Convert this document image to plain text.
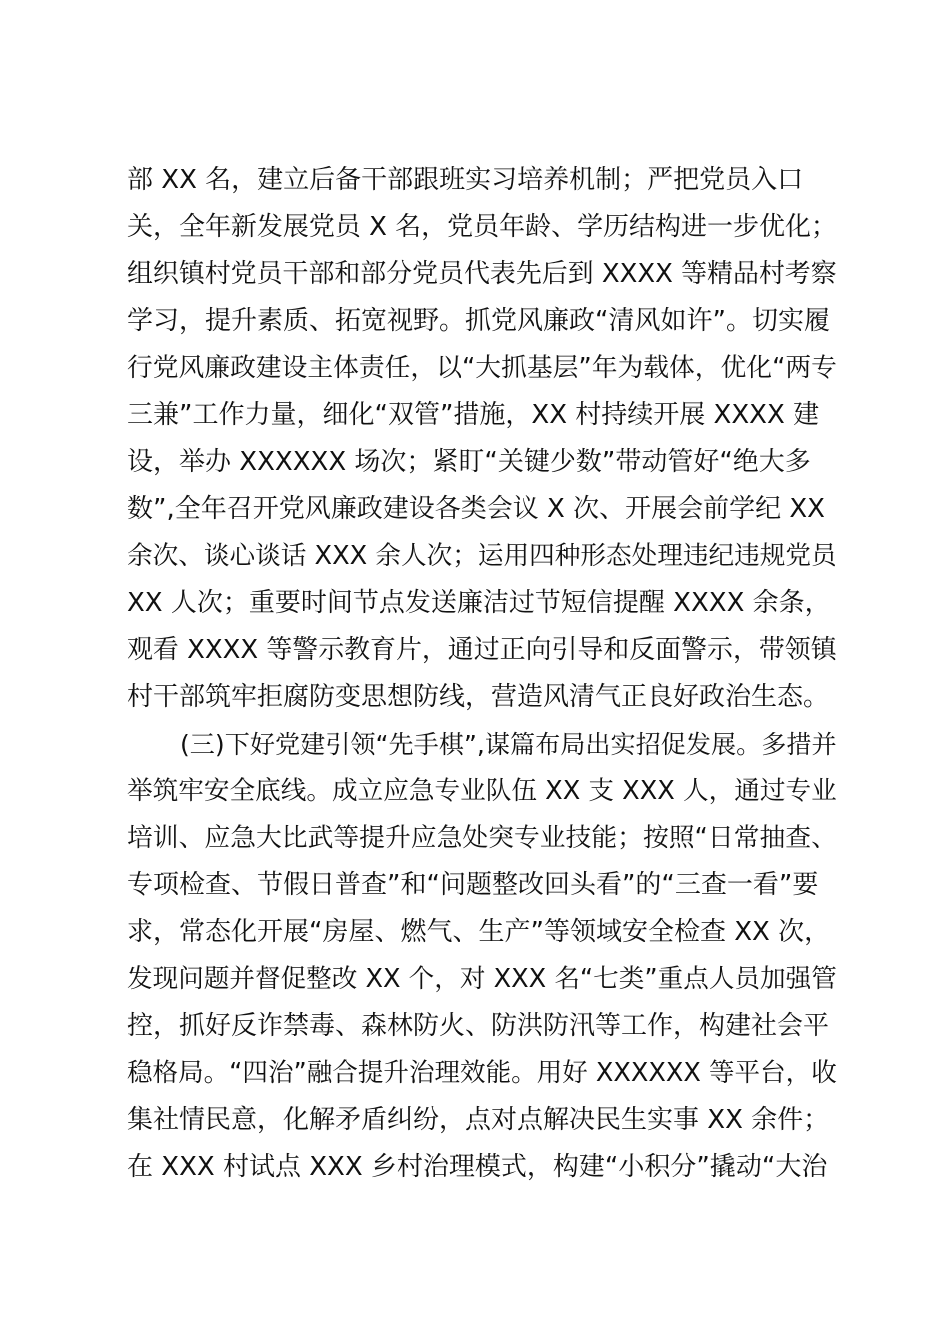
部 XX 名，建立后备干部跟班实习培养机制；严把党员入口
关，全年新发展党员 X 名，党员年龄、学历结构进一步优化；
组织镇村党员干部和部分党员代表先后到 XXXX 等精品村考察
学习，提升素质、拓宽视野。抓党风廉政“清风如许”。切实履
行党风廉政建设主体责任，以“大抓基层”年为载体，优化“两专
三兼”工作力量，细化“双管”措施，XX 村持续开展 XXXX 建
设，举办 XXXXXX 场次；紧盯“关键少数”带动管好“绝大多
数”,全年召开党风廉政建设各类会议 X 次、开展会前学纪 XX
余次、谈心谈话 XXX 余人次；运用四种形态处理违纪违规党员
XX 人次；重要时间节点发送廉洁过节短信提醒 XXXX 余条，
观看 XXXX 等警示教育片，通过正向引导和反面警示，带领镇
村干部筑牢拒腐防变思想防线，营造风清气正良好政治生态。
(三)下好党建引领“先手棋”,谋篇布局出实招促发展。多措并
举筑牢安全底线。成立应急专业队伍 XX 支 XXX 人，通过专业
培训、应急大比武等提升应急处突专业技能；按照“日常抽查、
专项检查、节假日普查”和“问题整改回头看”的“三查一看”要
求，常态化开展“房屋、燃气、生产”等领域安全检查 XX 次，
发现问题并督促整改 XX 个，对 XXX 名“七类”重点人员加强管
控，抓好反诈禁毒、森林防火、防洪防汛等工作，构建社会平
稳格局。“四治”融合提升治理效能。用好 XXXXXX 等平台，收
集社情民意，化解矛盾纠纷，点对点解决民生实事 XX 余件；
在 XXX 村试点 XXX 乡村治理模式，构建“小积分”撬动“大治
